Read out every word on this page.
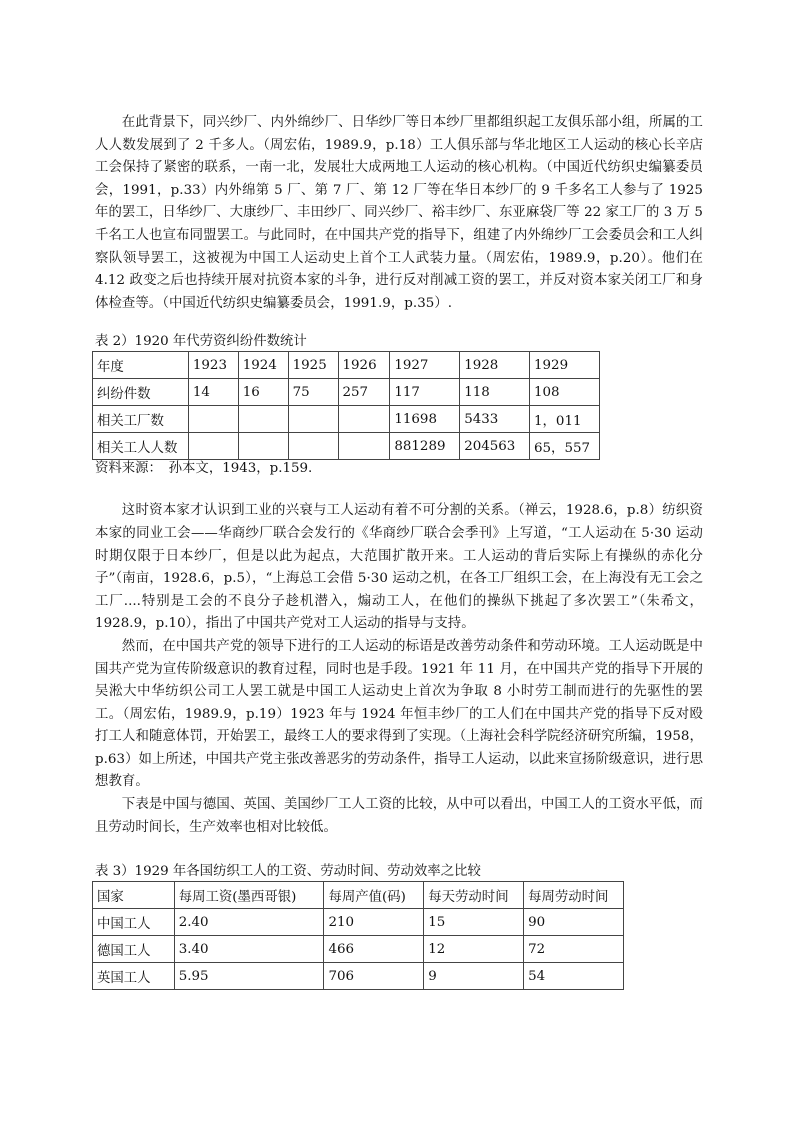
在此背景下，同兴纱厂、内外绵纱厂、日华纱厂等日本纱厂里都组织起工友俱乐部小组，所属的工人人数发展到了 2 千多人。（周宏佑，1989.9，p.18）工人俱乐部与华北地区工人运动的核心长辛店工会保持了紧密的联系，一南一北，发展壮大成两地工人运动的核心机构。（中国近代纺织史编纂委员会，1991，p.33）内外绵第 5 厂、第 7 厂、第 12 厂等在华日本纱厂的 9 千多名工人参与了 1925 年的罢工，日华纱厂、大康纱厂、丰田纱厂、同兴纱厂、裕丰纱厂、东亚麻袋厂等 22 家工厂的 3 万 5 千名工人也宣布同盟罢工。与此同时，在中国共产党的指导下，组建了内外绵纱厂工会委员会和工人纠察队领导罢工，这被视为中国工人运动史上首个工人武装力量。（周宏佑，1989.9，p.20）。他们在 4.12 政变之后也持续开展对抗资本家的斗争，进行反对削减工资的罢工，并反对资本家关闭工厂和身体检查等。（中国近代纺织史编纂委员会，1991.9，p.35）.

表 2）1920 年代劳资纠纷件数统计

年度	1923	1924	1925	1926	1927	1928	1929
纠纷件数	14	16	75	257	117	118	108
相关工厂数					11698	5433	1，011
相关工人人数					881289	204563	65，557

资料来源：　孙本文，1943，p.159.

这时资本家才认识到工业的兴衰与工人运动有着不可分割的关系。（禅云，1928.6，p.8）纺织资本家的同业工会——华商纱厂联合会发行的《华商纱厂联合会季刊》上写道，“工人运动在 5·30 运动时期仅限于日本纱厂，但是以此为起点，大范围扩散开来。工人运动的背后实际上有操纵的赤化分子”（南亩，1928.6，p.5），“上海总工会借 5·30 运动之机，在各工厂组织工会，在上海没有无工会之工厂....特别是工会的不良分子趁机潜入，煽动工人，在他们的操纵下挑起了多次罢工”（朱希文，1928.9，p.10），指出了中国共产党对工人运动的指导与支持。

然而，在中国共产党的领导下进行的工人运动的标语是改善劳动条件和劳动环境。工人运动既是中国共产党为宣传阶级意识的教育过程，同时也是手段。1921 年 11 月，在中国共产党的指导下开展的吴淞大中华纺织公司工人罢工就是中国工人运动史上首次为争取 8 小时劳工制而进行的先驱性的罢工。（周宏佑，1989.9，p.19）1923 年与 1924 年恒丰纱厂的工人们在中国共产党的指导下反对殴打工人和随意体罚，开始罢工，最终工人的要求得到了实现。（上海社会科学院经济研究所编，1958，p.63）如上所述，中国共产党主张改善恶劣的劳动条件，指导工人运动，以此来宣扬阶级意识，进行思想教育。

下表是中国与德国、英国、美国纱厂工人工资的比较，从中可以看出，中国工人的工资水平低，而且劳动时间长，生产效率也相对比较低。

表 3）1929 年各国纺织工人的工资、劳动时间、劳动效率之比较

国家	每周工资(墨西哥银)	每周产值(码)	每天劳动时间	每周劳动时间
中国工人	2.40	210	15	90
德国工人	3.40	466	12	72
英国工人	5.95	706	9	54
